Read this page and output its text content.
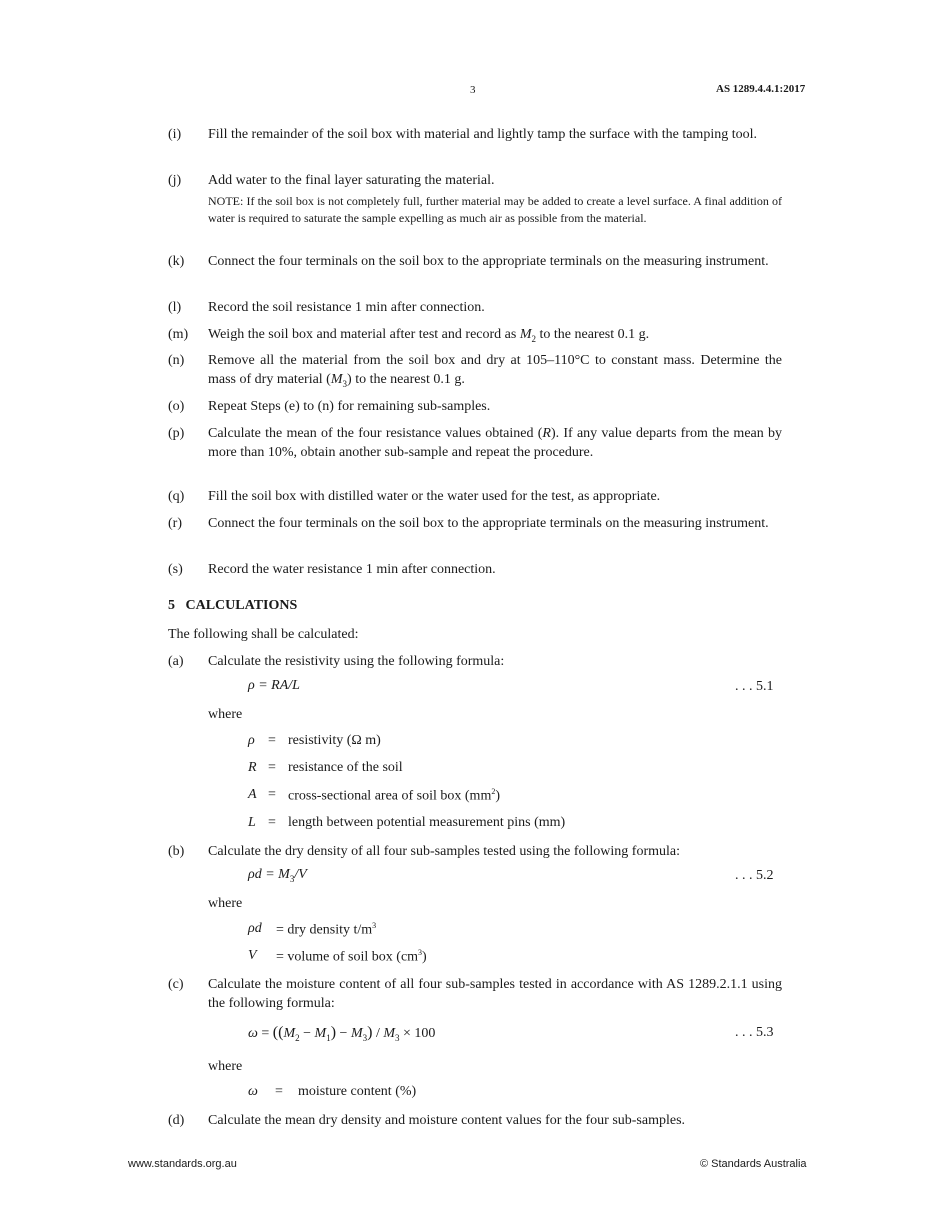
3	AS 1289.4.4.1:2017
(i) Fill the remainder of the soil box with material and lightly tamp the surface with the tamping tool.
(j) Add water to the final layer saturating the material.
NOTE: If the soil box is not completely full, further material may be added to create a level surface. A final addition of water is required to saturate the sample expelling as much air as possible from the material.
(k) Connect the four terminals on the soil box to the appropriate terminals on the measuring instrument.
(l) Record the soil resistance 1 min after connection.
(m) Weigh the soil box and material after test and record as $M_2$ to the nearest 0.1 g.
(n) Remove all the material from the soil box and dry at 105–110°C to constant mass. Determine the mass of dry material $(M_3)$ to the nearest 0.1 g.
(o) Repeat Steps (e) to (n) for remaining sub-samples.
(p) Calculate the mean of the four resistance values obtained (R). If any value departs from the mean by more than 10%, obtain another sub-sample and repeat the procedure.
(q) Fill the soil box with distilled water or the water used for the test, as appropriate.
(r) Connect the four terminals on the soil box to the appropriate terminals on the measuring instrument.
(s) Record the water resistance 1 min after connection.
5   CALCULATIONS
The following shall be calculated:
(a) Calculate the resistivity using the following formula:
ρ = RA/L	. . . 5.1
where
ρ = resistivity (Ω m)
R = resistance of the soil
A = cross-sectional area of soil box $(mm^2)$
L = length between potential measurement pins (mm)
(b) Calculate the dry density of all four sub-samples tested using the following formula:
$\rho d = M_3/V$	. . . 5.2
where
ρd = dry density $t/m^3$
V = volume of soil box $(cm^3)$
(c) Calculate the moisture content of all four sub-samples tested in accordance with AS 1289.2.1.1 using the following formula:
$\omega = ((M_2 - M_1) - M_3) / M_3 \times 100$	. . . 5.3
where
ω = moisture content (%)
(d) Calculate the mean dry density and moisture content values for the four sub-samples.
www.standards.org.au	© Standards Australia
